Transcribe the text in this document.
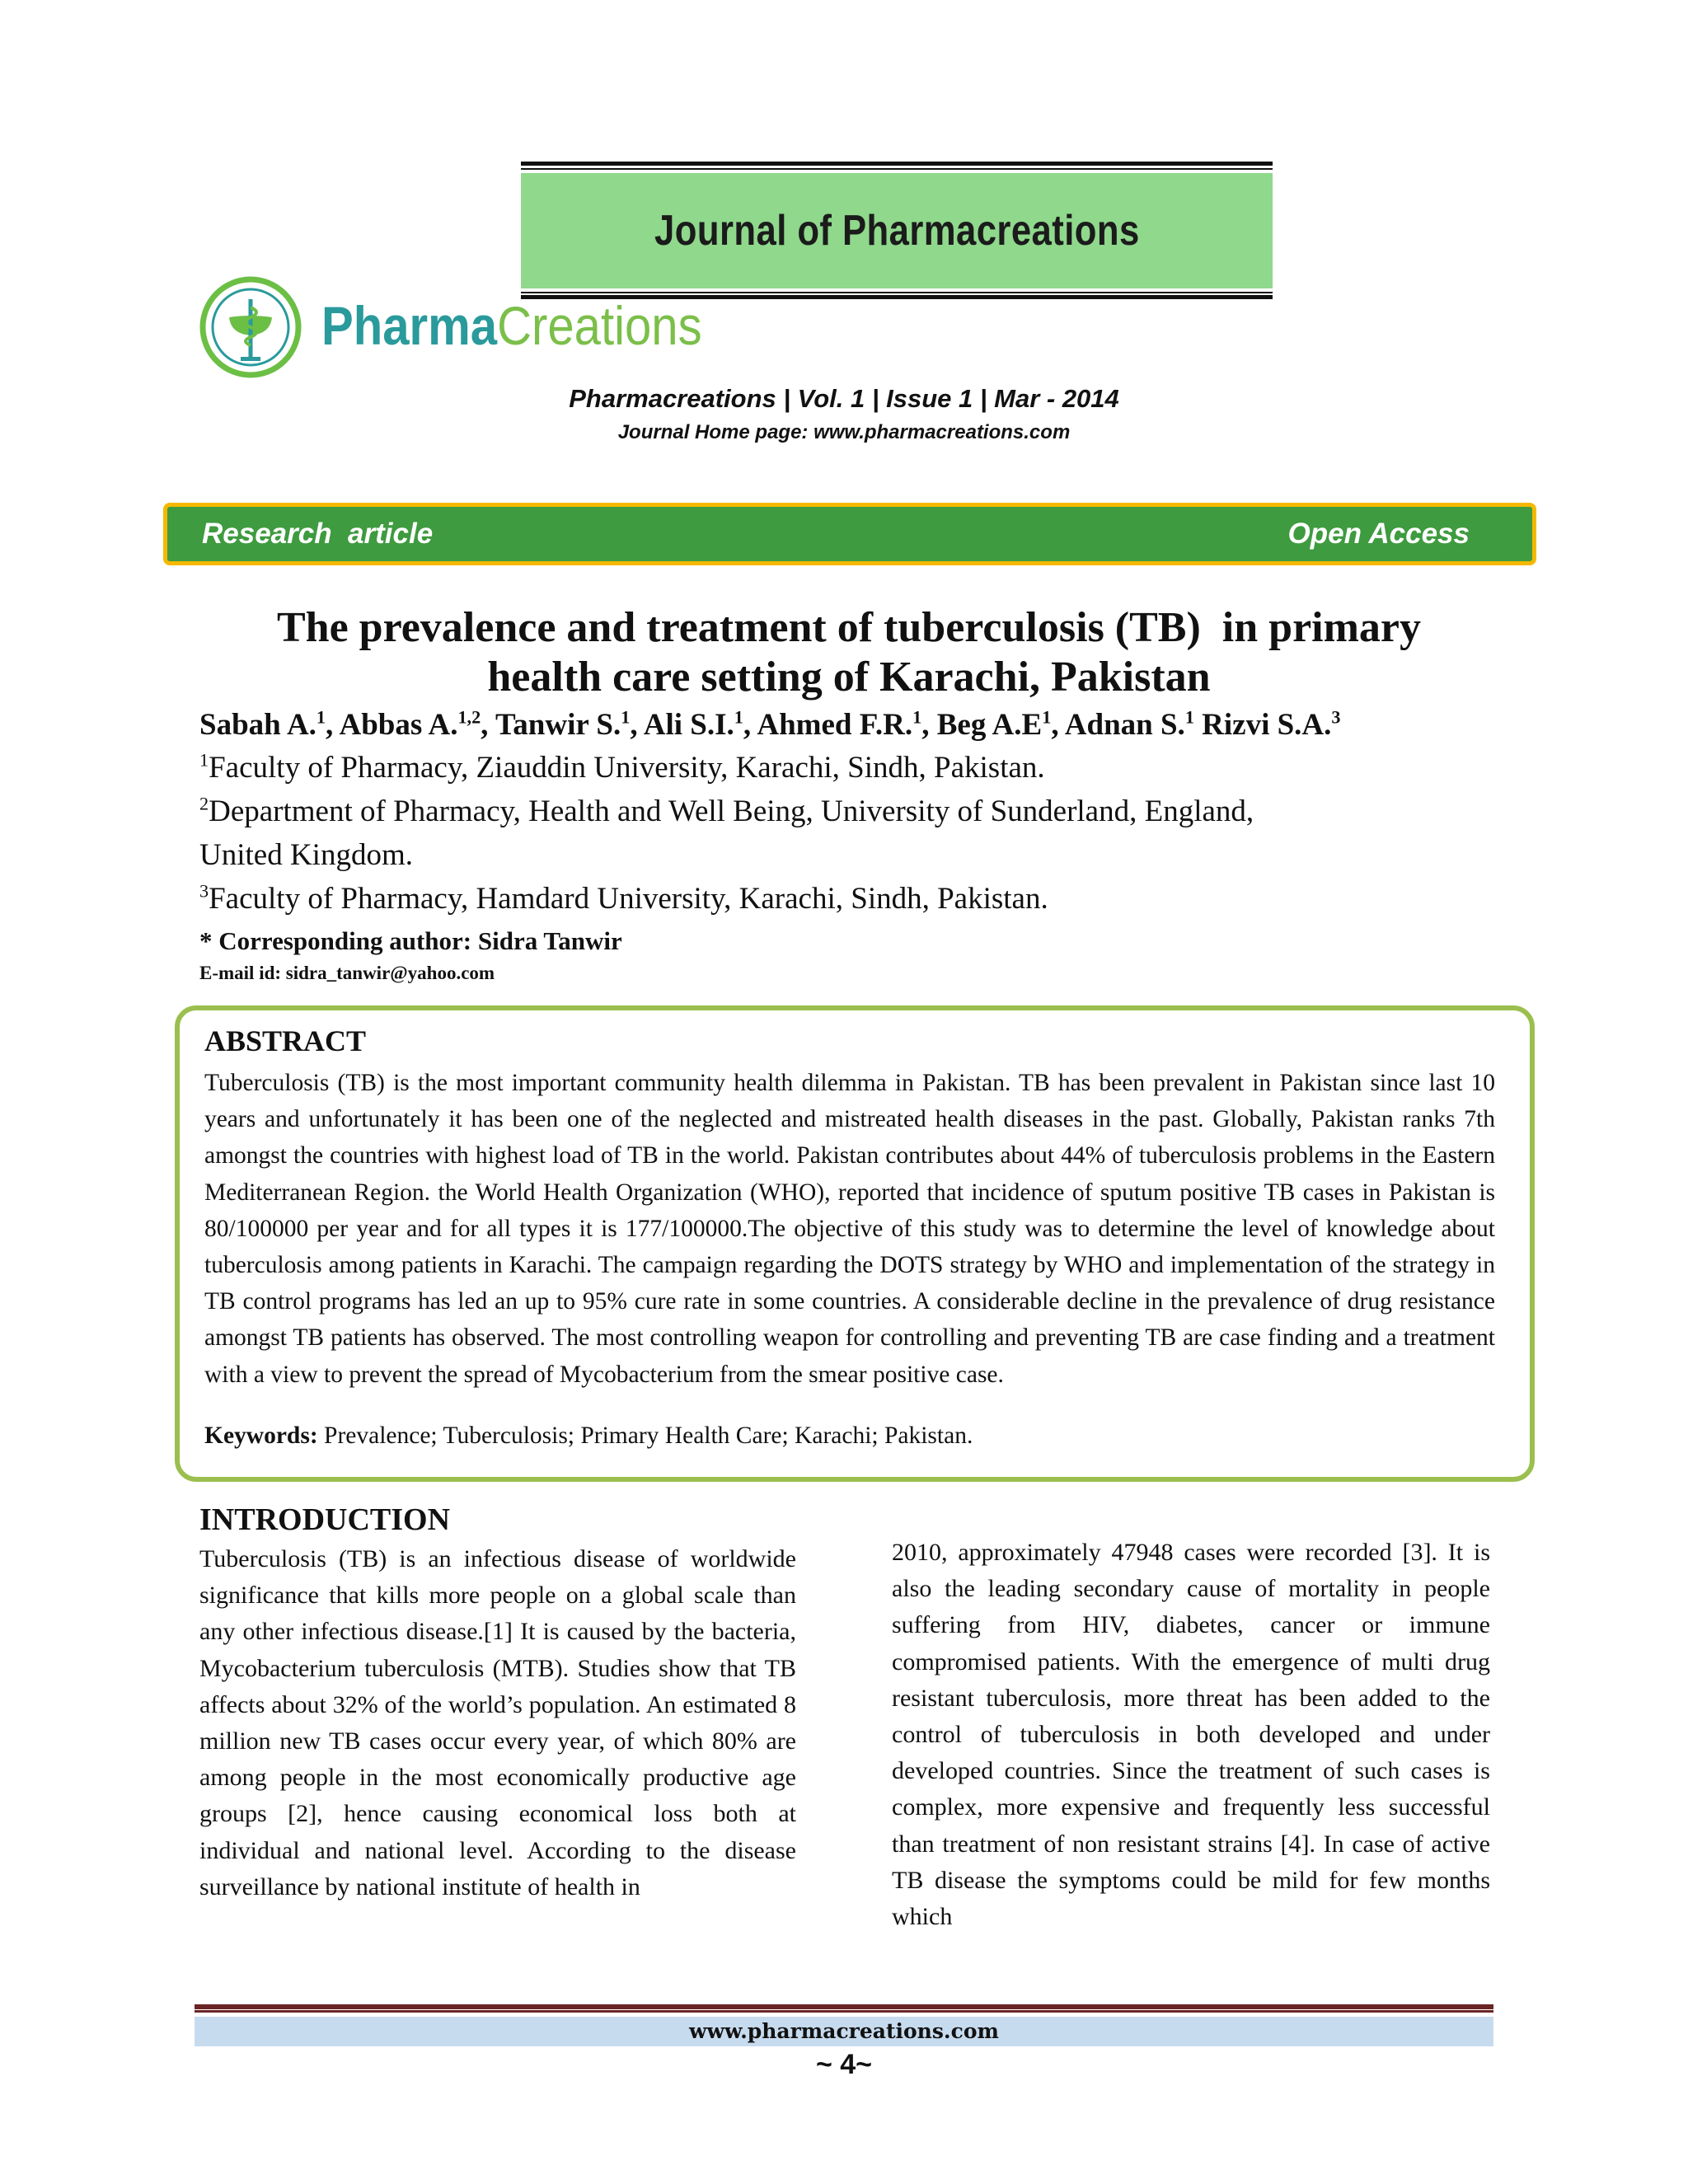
Journal of Pharmacreations
PharmaCreations
Pharmacreations | Vol. 1 | Issue 1 | Mar - 2014
Journal Home page: www.pharmacreations.com
Research  article	Open Access
The prevalence and treatment of tuberculosis (TB)  in primary
health care setting of Karachi, Pakistan
Sabah A.$^1$, Abbas A.$^{1,2}$, Tanwir S.$^1$, Ali S.I.$^1$, Ahmed F.R.$^1$, Beg $A.E^1$, Adnan S.$^1$ Rizvi S.A.$^3$
$^1$Faculty of Pharmacy, Ziauddin University, Karachi, Sindh, Pakistan.
$^2$Department of Pharmacy, Health and Well Being, University of Sunderland, England,
United Kingdom.
$^3$Faculty of Pharmacy, Hamdard University, Karachi, Sindh, Pakistan.
* Corresponding author: Sidra Tanwir
E-mail id: sidra_tanwir@yahoo.com
ABSTRACT
Tuberculosis (TB) is the most important community health dilemma in Pakistan. TB has been prevalent in Pakistan since last 10 years and unfortunately it has been one of the neglected and mistreated health diseases in the past. Globally, Pakistan ranks 7th amongst the countries with highest load of TB in the world. Pakistan contributes about 44% of tuberculosis problems in the Eastern Mediterranean Region. the World Health Organization (WHO), reported that incidence of sputum positive TB cases in Pakistan is 80/100000 per year and for all types it is 177/100000.The objective of this study was to determine the level of knowledge about tuberculosis among patients in Karachi. The campaign regarding the DOTS strategy by WHO and implementation of the strategy in TB control programs has led an up to 95% cure rate in some countries. A considerable decline in the prevalence of drug resistance amongst TB patients has observed. The most controlling weapon for controlling and preventing TB are case finding and a treatment with a view to prevent the spread of Mycobacterium from the smear positive case.
Keywords: Prevalence; Tuberculosis; Primary Health Care; Karachi; Pakistan.
INTRODUCTION
Tuberculosis (TB) is an infectious disease of worldwide significance that kills more people on a global scale than any other infectious disease.[1] It is caused by the bacteria, Mycobacterium tuberculosis (MTB). Studies show that TB affects about 32% of the world’s population. An estimated 8 million new TB cases occur every year, of which 80% are among people in the most economically productive age groups [2], hence causing economical loss both at individual and national level. According to the disease surveillance by national institute of health in
2010, approximately 47948 cases were recorded [3]. It is also the leading secondary cause of mortality in people suffering from HIV, diabetes, cancer or immune compromised patients. With the emergence of multi drug resistant tuberculosis, more threat has been added to the control of tuberculosis in both developed and under developed countries. Since the treatment of such cases is complex, more expensive and frequently less successful than treatment of non resistant strains [4]. In case of active TB disease the symptoms could be mild for few months which
www.pharmacreations.com
~ 4~
